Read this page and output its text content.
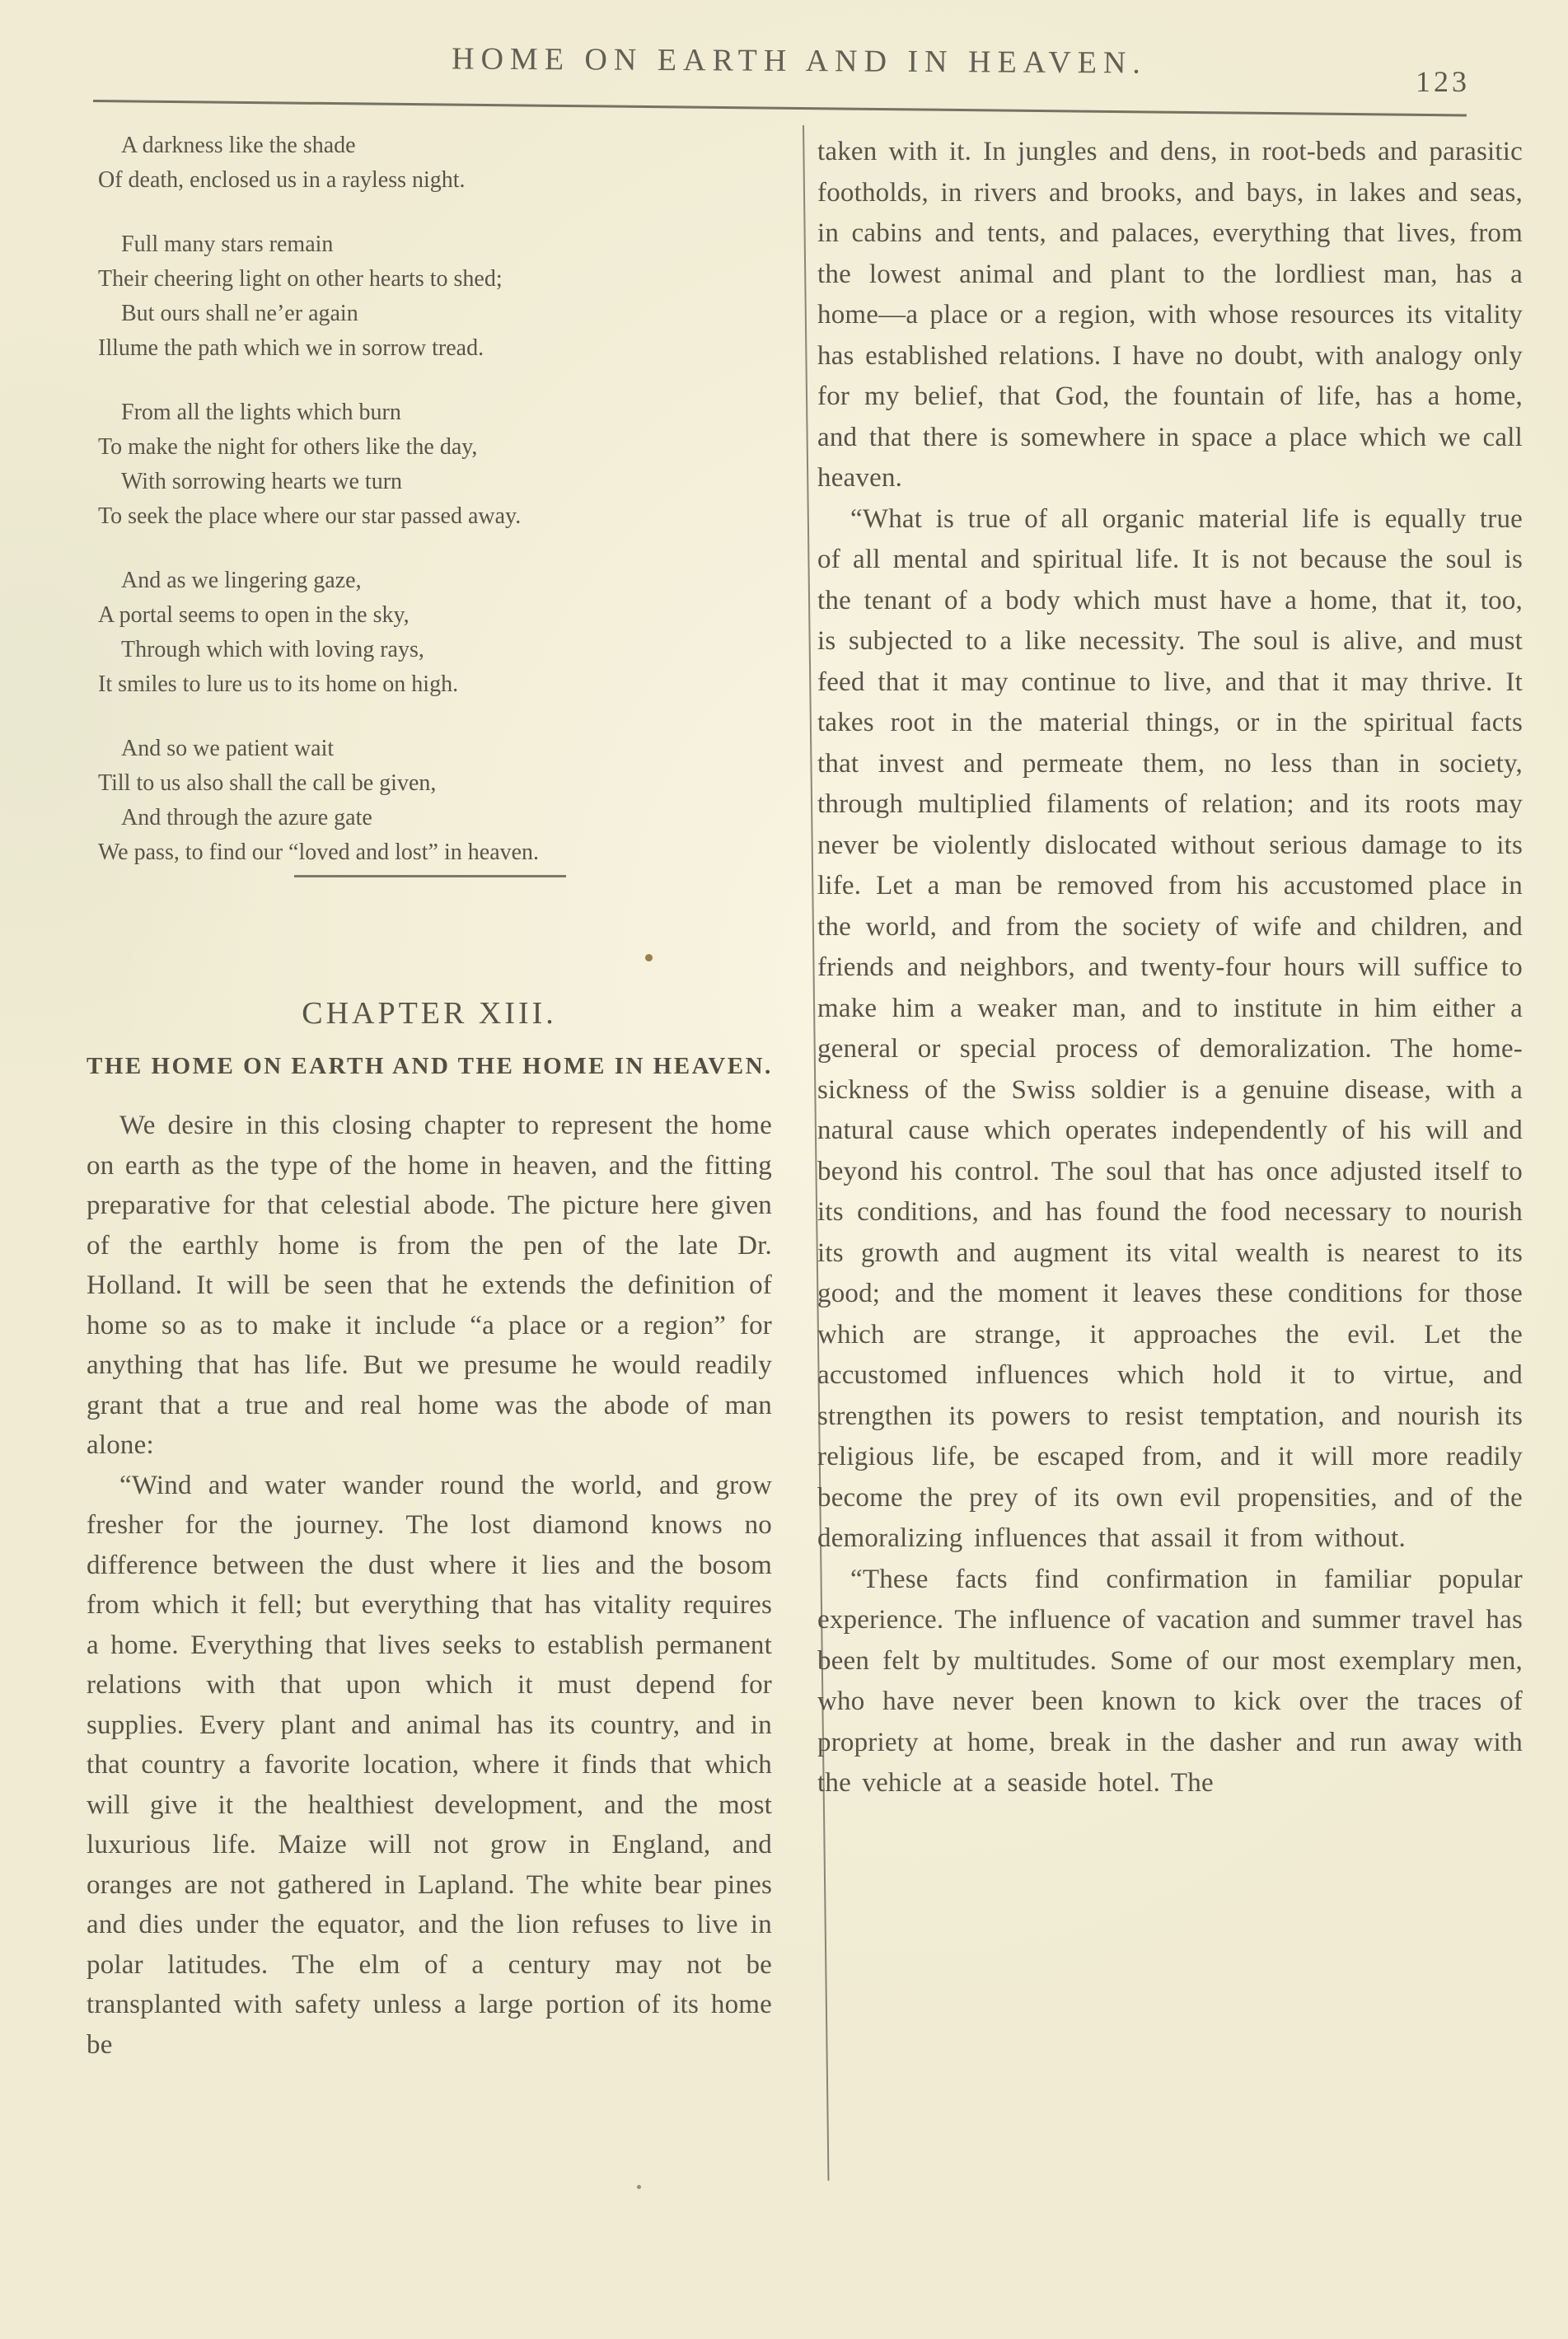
HOME ON EARTH AND IN HEAVEN.
123
A darkness like the shade
Of death, enclosed us in a rayless night.
Full many stars remain
Their cheering light on other hearts to shed;
But ours shall ne’er again
Illume the path which we in sorrow tread.
From all the lights which burn
To make the night for others like the day,
With sorrowing hearts we turn
To seek the place where our star passed away.
And as we lingering gaze,
A portal seems to open in the sky,
Through which with loving rays,
It smiles to lure us to its home on high.
And so we patient wait
Till to us also shall the call be given,
And through the azure gate
We pass, to find our “loved and lost” in heaven.
CHAPTER XIII.
THE HOME ON EARTH AND THE HOME IN HEAVEN.

We desire in this closing chapter to represent the home on earth as the type of the home in heaven, and the fitting preparative for that celestial abode. The picture here given of the earthly home is from the pen of the late Dr. Holland. It will be seen that he extends the definition of home so as to make it include “a place or a region” for anything that has life. But we presume he would readily grant that a true and real home was the abode of man alone:

“Wind and water wander round the world, and grow fresher for the journey. The lost diamond knows no difference between the dust where it lies and the bosom from which it fell; but everything that has vitality requires a home. Everything that lives seeks to establish permanent relations with that upon which it must depend for supplies. Every plant and animal has its country, and in that country a favorite location, where it finds that which will give it the healthiest development, and the most luxurious life. Maize will not grow in England, and oranges are not gathered in Lapland. The white bear pines and dies under the equator, and the lion refuses to live in polar latitudes. The elm of a century may not be transplanted with safety unless a large portion of its home be

taken with it. In jungles and dens, in root-beds and parasitic footholds, in rivers and brooks, and bays, in lakes and seas, in cabins and tents, and palaces, everything that lives, from the lowest animal and plant to the lordliest man, has a home—a place or a region, with whose resources its vitality has established relations. I have no doubt, with analogy only for my belief, that God, the fountain of life, has a home, and that there is somewhere in space a place which we call heaven.

“What is true of all organic material life is equally true of all mental and spiritual life. It is not because the soul is the tenant of a body which must have a home, that it, too, is subjected to a like necessity. The soul is alive, and must feed that it may continue to live, and that it may thrive. It takes root in the material things, or in the spiritual facts that invest and permeate them, no less than in society, through multiplied filaments of relation; and its roots may never be violently dislocated without serious damage to its life. Let a man be removed from his accustomed place in the world, and from the society of wife and children, and friends and neighbors, and twenty-four hours will suffice to make him a weaker man, and to institute in him either a general or special process of demoralization. The home-sickness of the Swiss soldier is a genuine disease, with a natural cause which operates independently of his will and beyond his control. The soul that has once adjusted itself to its conditions, and has found the food necessary to nourish its growth and augment its vital wealth is nearest to its good; and the moment it leaves these conditions for those which are strange, it approaches the evil. Let the accustomed influences which hold it to virtue, and strengthen its powers to resist temptation, and nourish its religious life, be escaped from, and it will more readily become the prey of its own evil propensities, and of the demoralizing influences that assail it from without.

“These facts find confirmation in familiar popular experience. The influence of vacation and summer travel has been felt by multitudes. Some of our most exemplary men, who have never been known to kick over the traces of propriety at home, break in the dasher and run away with the vehicle at a seaside hotel. The
